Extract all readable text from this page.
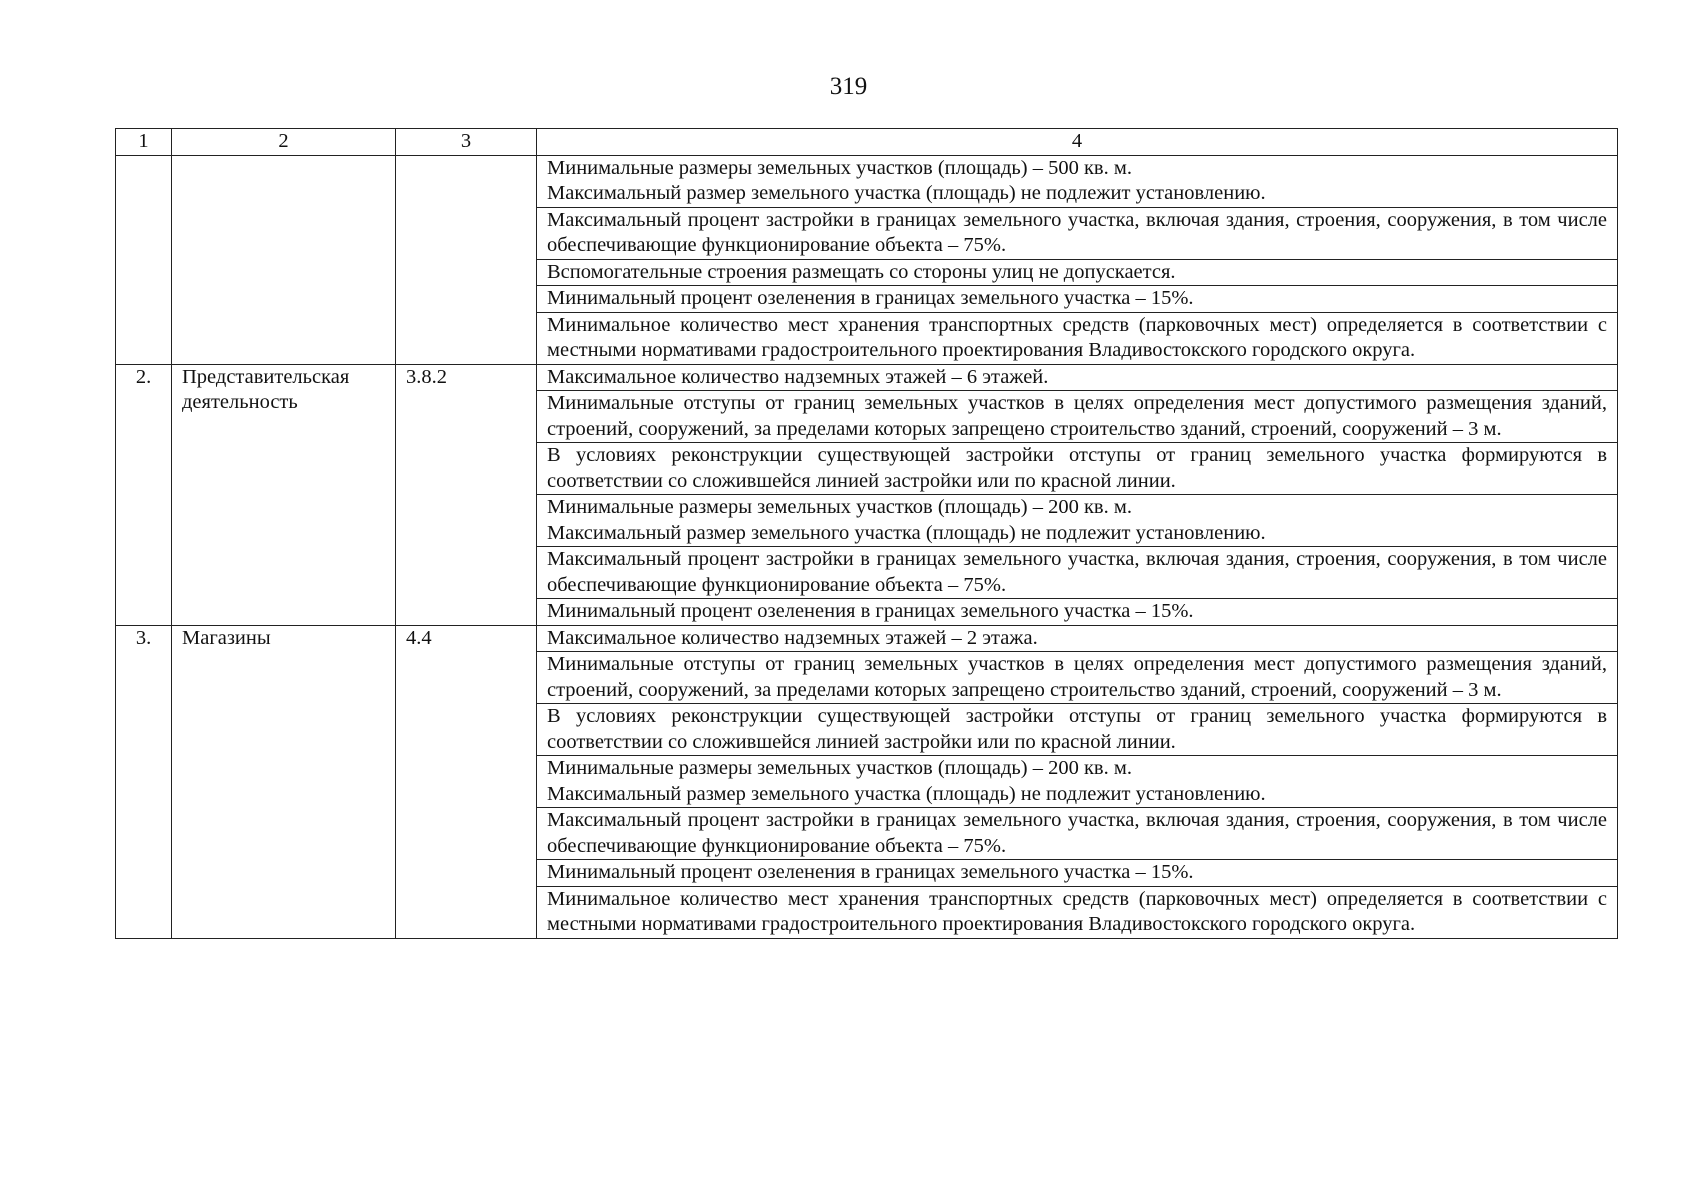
319
1	2	3	4

			Минимальные размеры земельных участков (площадь) – 500 кв. м.
Максимальный размер земельного участка (площадь) не подлежит установлению.

			Максимальный процент застройки в границах земельного участка, включая здания, строения, сооружения, в том числе обеспечивающие функционирование объекта – 75%.

			Вспомогательные строения размещать со стороны улиц не допускается.

			Минимальный процент озеленения в границах земельного участка – 15%.

			Минимальное количество мест хранения транспортных средств (парковочных мест) определяется в соответствии с местными нормативами градостроительного проектирования Владивостокского городского округа.

2.	Представительская деятельность	3.8.2	Максимальное количество надземных этажей – 6 этажей.

			Минимальные отступы от границ земельных участков в целях определения мест допустимого размещения зданий, строений, сооружений, за пределами которых запрещено строительство зданий, строений, сооружений – 3 м.

			В условиях реконструкции существующей застройки отступы от границ земельного участка формируются в соответствии со сложившейся линией застройки или по красной линии.

			Минимальные размеры земельных участков (площадь) – 200 кв. м.
Максимальный размер земельного участка (площадь) не подлежит установлению.

			Максимальный процент застройки в границах земельного участка, включая здания, строения, сооружения, в том числе обеспечивающие функционирование объекта – 75%.

			Минимальный процент озеленения в границах земельного участка – 15%.

3.	Магазины	4.4	Максимальное количество надземных этажей – 2 этажа.

			Минимальные отступы от границ земельных участков в целях определения мест допустимого размещения зданий, строений, сооружений, за пределами которых запрещено строительство зданий, строений, сооружений – 3 м.

			В условиях реконструкции существующей застройки отступы от границ земельного участка формируются в соответствии со сложившейся линией застройки или по красной линии.

			Минимальные размеры земельных участков (площадь) – 200 кв. м.
Максимальный размер земельного участка (площадь) не подлежит установлению.

			Максимальный процент застройки в границах земельного участка, включая здания, строения, сооружения, в том числе обеспечивающие функционирование объекта – 75%.

			Минимальный процент озеленения в границах земельного участка – 15%.

			Минимальное количество мест хранения транспортных средств (парковочных мест) определяется в соответствии с местными нормативами градостроительного проектирования Владивостокского городского округа.
